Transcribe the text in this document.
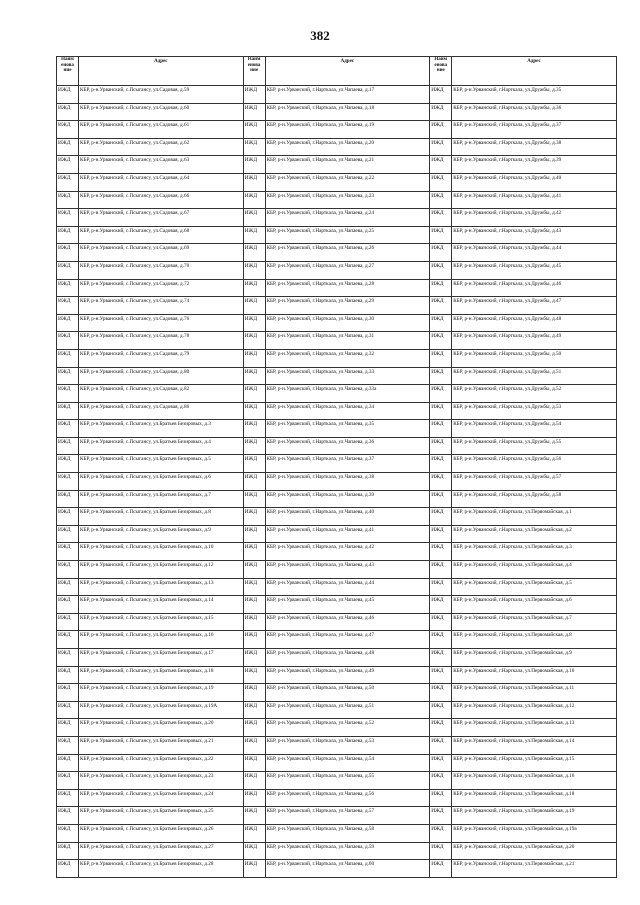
382
Наим
енова
ние	Адрес	Наим
енова
ние	Адрес	Наим
енова
ние	Адрес
ИЖД	КБР, р-н.Урванский, с.Псыгансу, ул.Садовая, д.59	ИЖД	КБР, р-н.Урванский, г.Нарткала, ул.Чапаева, д.17	ИЖД	КБР, р-н.Урванский, г.Нарткала, ул.Дружбы, д.35
ИЖД	КБР, р-н.Урванский, с.Псыгансу, ул.Садовая, д.60	ИЖД	КБР, р-н.Урванский, г.Нарткала, ул.Чапаева, д.18	ИЖД	КБР, р-н.Урванский, г.Нарткала, ул.Дружбы, д.36
ИЖД	КБР, р-н.Урванский, с.Псыгансу, ул.Садовая, д.61	ИЖД	КБР, р-н.Урванский, г.Нарткала, ул.Чапаева, д.19	ИЖД	КБР, р-н.Урванский, г.Нарткала, ул.Дружбы, д.37
ИЖД	КБР, р-н.Урванский, с.Псыгансу, ул.Садовая, д.62	ИЖД	КБР, р-н.Урванский, г.Нарткала, ул.Чапаева, д.20	ИЖД	КБР, р-н.Урванский, г.Нарткала, ул.Дружбы, д.38
ИЖД	КБР, р-н.Урванский, с.Псыгансу, ул.Садовая, д.63	ИЖД	КБР, р-н.Урванский, г.Нарткала, ул.Чапаева, д.21	ИЖД	КБР, р-н.Урванский, г.Нарткала, ул.Дружбы, д.39
ИЖД	КБР, р-н.Урванский, с.Псыгансу, ул.Садовая, д.64	ИЖД	КБР, р-н.Урванский, г.Нарткала, ул.Чапаева, д.22	ИЖД	КБР, р-н.Урванский, г.Нарткала, ул.Дружбы, д.40
ИЖД	КБР, р-н.Урванский, с.Псыгансу, ул.Садовая, д.66	ИЖД	КБР, р-н.Урванский, г.Нарткала, ул.Чапаева, д.23	ИЖД	КБР, р-н.Урванский, г.Нарткала, ул.Дружбы, д.41
ИЖД	КБР, р-н.Урванский, с.Псыгансу, ул.Садовая, д.67	ИЖД	КБР, р-н.Урванский, г.Нарткала, ул.Чапаева, д.24	ИЖД	КБР, р-н.Урванский, г.Нарткала, ул.Дружбы, д.42
ИЖД	КБР, р-н.Урванский, с.Псыгансу, ул.Садовая, д.68	ИЖД	КБР, р-н.Урванский, г.Нарткала, ул.Чапаева, д.25	ИЖД	КБР, р-н.Урванский, г.Нарткала, ул.Дружбы, д.43
ИЖД	КБР, р-н.Урванский, с.Псыгансу, ул.Садовая, д.69	ИЖД	КБР, р-н.Урванский, г.Нарткала, ул.Чапаева, д.26	ИЖД	КБР, р-н.Урванский, г.Нарткала, ул.Дружбы, д.44
ИЖД	КБР, р-н.Урванский, с.Псыгансу, ул.Садовая, д.70	ИЖД	КБР, р-н.Урванский, г.Нарткала, ул.Чапаева, д.27	ИЖД	КБР, р-н.Урванский, г.Нарткала, ул.Дружбы, д.45
ИЖД	КБР, р-н.Урванский, с.Псыгансу, ул.Садовая, д.72	ИЖД	КБР, р-н.Урванский, г.Нарткала, ул.Чапаева, д.28	ИЖД	КБР, р-н.Урванский, г.Нарткала, ул.Дружбы, д.46
ИЖД	КБР, р-н.Урванский, с.Псыгансу, ул.Садовая, д.74	ИЖД	КБР, р-н.Урванский, г.Нарткала, ул.Чапаева, д.29	ИЖД	КБР, р-н.Урванский, г.Нарткала, ул.Дружбы, д.47
ИЖД	КБР, р-н.Урванский, с.Псыгансу, ул.Садовая, д.76	ИЖД	КБР, р-н.Урванский, г.Нарткала, ул.Чапаева, д.30	ИЖД	КБР, р-н.Урванский, г.Нарткала, ул.Дружбы, д.48
ИЖД	КБР, р-н.Урванский, с.Псыгансу, ул.Садовая, д.78	ИЖД	КБР, р-н.Урванский, г.Нарткала, ул.Чапаева, д.31	ИЖД	КБР, р-н.Урванский, г.Нарткала, ул.Дружбы, д.49
ИЖД	КБР, р-н.Урванский, с.Псыгансу, ул.Садовая, д.79	ИЖД	КБР, р-н.Урванский, г.Нарткала, ул.Чапаева, д.32	ИЖД	КБР, р-н.Урванский, г.Нарткала, ул.Дружбы, д.50
ИЖД	КБР, р-н.Урванский, с.Псыгансу, ул.Садовая, д.80	ИЖД	КБР, р-н.Урванский, г.Нарткала, ул.Чапаева, д.33	ИЖД	КБР, р-н.Урванский, г.Нарткала, ул.Дружбы, д.51
ИЖД	КБР, р-н.Урванский, с.Псыгансу, ул.Садовая, д.82	ИЖД	КБР, р-н.Урванский, г.Нарткала, ул.Чапаева, д.33а	ИЖД	КБР, р-н.Урванский, г.Нарткала, ул.Дружбы, д.52
ИЖД	КБР, р-н.Урванский, с.Псыгансу, ул.Садовая, д.86	ИЖД	КБР, р-н.Урванский, г.Нарткала, ул.Чапаева, д.34	ИЖД	КБР, р-н.Урванский, г.Нарткала, ул.Дружбы, д.53
ИЖД	КБР, р-н.Урванский, с.Псыгансу, ул.Братьев Безировых, д.3	ИЖД	КБР, р-н.Урванский, г.Нарткала, ул.Чапаева, д.35	ИЖД	КБР, р-н.Урванский, г.Нарткала, ул.Дружбы, д.54
ИЖД	КБР, р-н.Урванский, с.Псыгансу, ул.Братьев Безировых, д.4	ИЖД	КБР, р-н.Урванский, г.Нарткала, ул.Чапаева, д.36	ИЖД	КБР, р-н.Урванский, г.Нарткала, ул.Дружбы, д.55
ИЖД	КБР, р-н.Урванский, с.Псыгансу, ул.Братьев Безировых, д.5	ИЖД	КБР, р-н.Урванский, г.Нарткала, ул.Чапаева, д.37	ИЖД	КБР, р-н.Урванский, г.Нарткала, ул.Дружбы, д.56
ИЖД	КБР, р-н.Урванский, с.Псыгансу, ул.Братьев Безировых, д.6	ИЖД	КБР, р-н.Урванский, г.Нарткала, ул.Чапаева, д.38	ИЖД	КБР, р-н.Урванский, г.Нарткала, ул.Дружбы, д.57
ИЖД	КБР, р-н.Урванский, с.Псыгансу, ул.Братьев Безировых, д.7	ИЖД	КБР, р-н.Урванский, г.Нарткала, ул.Чапаева, д.39	ИЖД	КБР, р-н.Урванский, г.Нарткала, ул.Дружбы, д.58
ИЖД	КБР, р-н.Урванский, с.Псыгансу, ул.Братьев Безировых, д.8	ИЖД	КБР, р-н.Урванский, г.Нарткала, ул.Чапаева, д.40	ИЖД	КБР, р-н.Урванский, г.Нарткала, ул.Первомайская, д.1
ИЖД	КБР, р-н.Урванский, с.Псыгансу, ул.Братьев Безировых, д.9	ИЖД	КБР, р-н.Урванский, г.Нарткала, ул.Чапаева, д.41	ИЖД	КБР, р-н.Урванский, г.Нарткала, ул.Первомайская, д.2
ИЖД	КБР, р-н.Урванский, с.Псыгансу, ул.Братьев Безировых, д.10	ИЖД	КБР, р-н.Урванский, г.Нарткала, ул.Чапаева, д.42	ИЖД	КБР, р-н.Урванский, г.Нарткала, ул.Первомайская, д.3
ИЖД	КБР, р-н.Урванский, с.Псыгансу, ул.Братьев Безировых, д.12	ИЖД	КБР, р-н.Урванский, г.Нарткала, ул.Чапаева, д.43	ИЖД	КБР, р-н.Урванский, г.Нарткала, ул.Первомайская, д.4
ИЖД	КБР, р-н.Урванский, с.Псыгансу, ул.Братьев Безировых, д.13	ИЖД	КБР, р-н.Урванский, г.Нарткала, ул.Чапаева, д.44	ИЖД	КБР, р-н.Урванский, г.Нарткала, ул.Первомайская, д.5
ИЖД	КБР, р-н.Урванский, с.Псыгансу, ул.Братьев Безировых, д.14	ИЖД	КБР, р-н.Урванский, г.Нарткала, ул.Чапаева, д.45	ИЖД	КБР, р-н.Урванский, г.Нарткала, ул.Первомайская, д.6
ИЖД	КБР, р-н.Урванский, с.Псыгансу, ул.Братьев Безировых, д.15	ИЖД	КБР, р-н.Урванский, г.Нарткала, ул.Чапаева, д.46	ИЖД	КБР, р-н.Урванский, г.Нарткала, ул.Первомайская, д.7
ИЖД	КБР, р-н.Урванский, с.Псыгансу, ул.Братьев Безировых, д.16	ИЖД	КБР, р-н.Урванский, г.Нарткала, ул.Чапаева, д.47	ИЖД	КБР, р-н.Урванский, г.Нарткала, ул.Первомайская, д.8
ИЖД	КБР, р-н.Урванский, с.Псыгансу, ул.Братьев Безировых, д.17	ИЖД	КБР, р-н.Урванский, г.Нарткала, ул.Чапаева, д.48	ИЖД	КБР, р-н.Урванский, г.Нарткала, ул.Первомайская, д.9
ИЖД	КБР, р-н.Урванский, с.Псыгансу, ул.Братьев Безировых, д.18	ИЖД	КБР, р-н.Урванский, г.Нарткала, ул.Чапаева, д.49	ИЖД	КБР, р-н.Урванский, г.Нарткала, ул.Первомайская, д.10
ИЖД	КБР, р-н.Урванский, с.Псыгансу, ул.Братьев Безировых, д.19	ИЖД	КБР, р-н.Урванский, г.Нарткала, ул.Чапаева, д.50	ИЖД	КБР, р-н.Урванский, г.Нарткала, ул.Первомайская, д.11
ИЖД	КБР, р-н.Урванский, с.Псыгансу, ул.Братьев Безировых, д.19А	ИЖД	КБР, р-н.Урванский, г.Нарткала, ул.Чапаева, д.51	ИЖД	КБР, р-н.Урванский, г.Нарткала, ул.Первомайская, д.12
ИЖД	КБР, р-н.Урванский, с.Псыгансу, ул.Братьев Безировых, д.20	ИЖД	КБР, р-н.Урванский, г.Нарткала, ул.Чапаева, д.52	ИЖД	КБР, р-н.Урванский, г.Нарткала, ул.Первомайская, д.13
ИЖД	КБР, р-н.Урванский, с.Псыгансу, ул.Братьев Безировых, д.21	ИЖД	КБР, р-н.Урванский, г.Нарткала, ул.Чапаева, д.53	ИЖД	КБР, р-н.Урванский, г.Нарткала, ул.Первомайская, д.14
ИЖД	КБР, р-н.Урванский, с.Псыгансу, ул.Братьев Безировых, д.22	ИЖД	КБР, р-н.Урванский, г.Нарткала, ул.Чапаева, д.54	ИЖД	КБР, р-н.Урванский, г.Нарткала, ул.Первомайская, д.15
ИЖД	КБР, р-н.Урванский, с.Псыгансу, ул.Братьев Безировых, д.23	ИЖД	КБР, р-н.Урванский, г.Нарткала, ул.Чапаева, д.55	ИЖД	КБР, р-н.Урванский, г.Нарткала, ул.Первомайская, д.16
ИЖД	КБР, р-н.Урванский, с.Псыгансу, ул.Братьев Безировых, д.24	ИЖД	КБР, р-н.Урванский, г.Нарткала, ул.Чапаева, д.56	ИЖД	КБР, р-н.Урванский, г.Нарткала, ул.Первомайская, д.18
ИЖД	КБР, р-н.Урванский, с.Псыгансу, ул.Братьев Безировых, д.25	ИЖД	КБР, р-н.Урванский, г.Нарткала, ул.Чапаева, д.57	ИЖД	КБР, р-н.Урванский, г.Нарткала, ул.Первомайская, д.19
ИЖД	КБР, р-н.Урванский, с.Псыгансу, ул.Братьев Безировых, д.26	ИЖД	КБР, р-н.Урванский, г.Нарткала, ул.Чапаева, д.58	ИЖД	КБР, р-н.Урванский, г.Нарткала, ул.Первомайская, д.19а
ИЖД	КБР, р-н.Урванский, с.Псыгансу, ул.Братьев Безировых, д.27	ИЖД	КБР, р-н.Урванский, г.Нарткала, ул.Чапаева, д.59	ИЖД	КБР, р-н.Урванский, г.Нарткала, ул.Первомайская, д.20
ИЖД	КБР, р-н.Урванский, с.Псыгансу, ул.Братьев Безировых, д.28	ИЖД	КБР, р-н.Урванский, г.Нарткала, ул.Чапаева, д.60	ИЖД	КБР, р-н.Урванский, г.Нарткала, ул.Первомайская, д.21
